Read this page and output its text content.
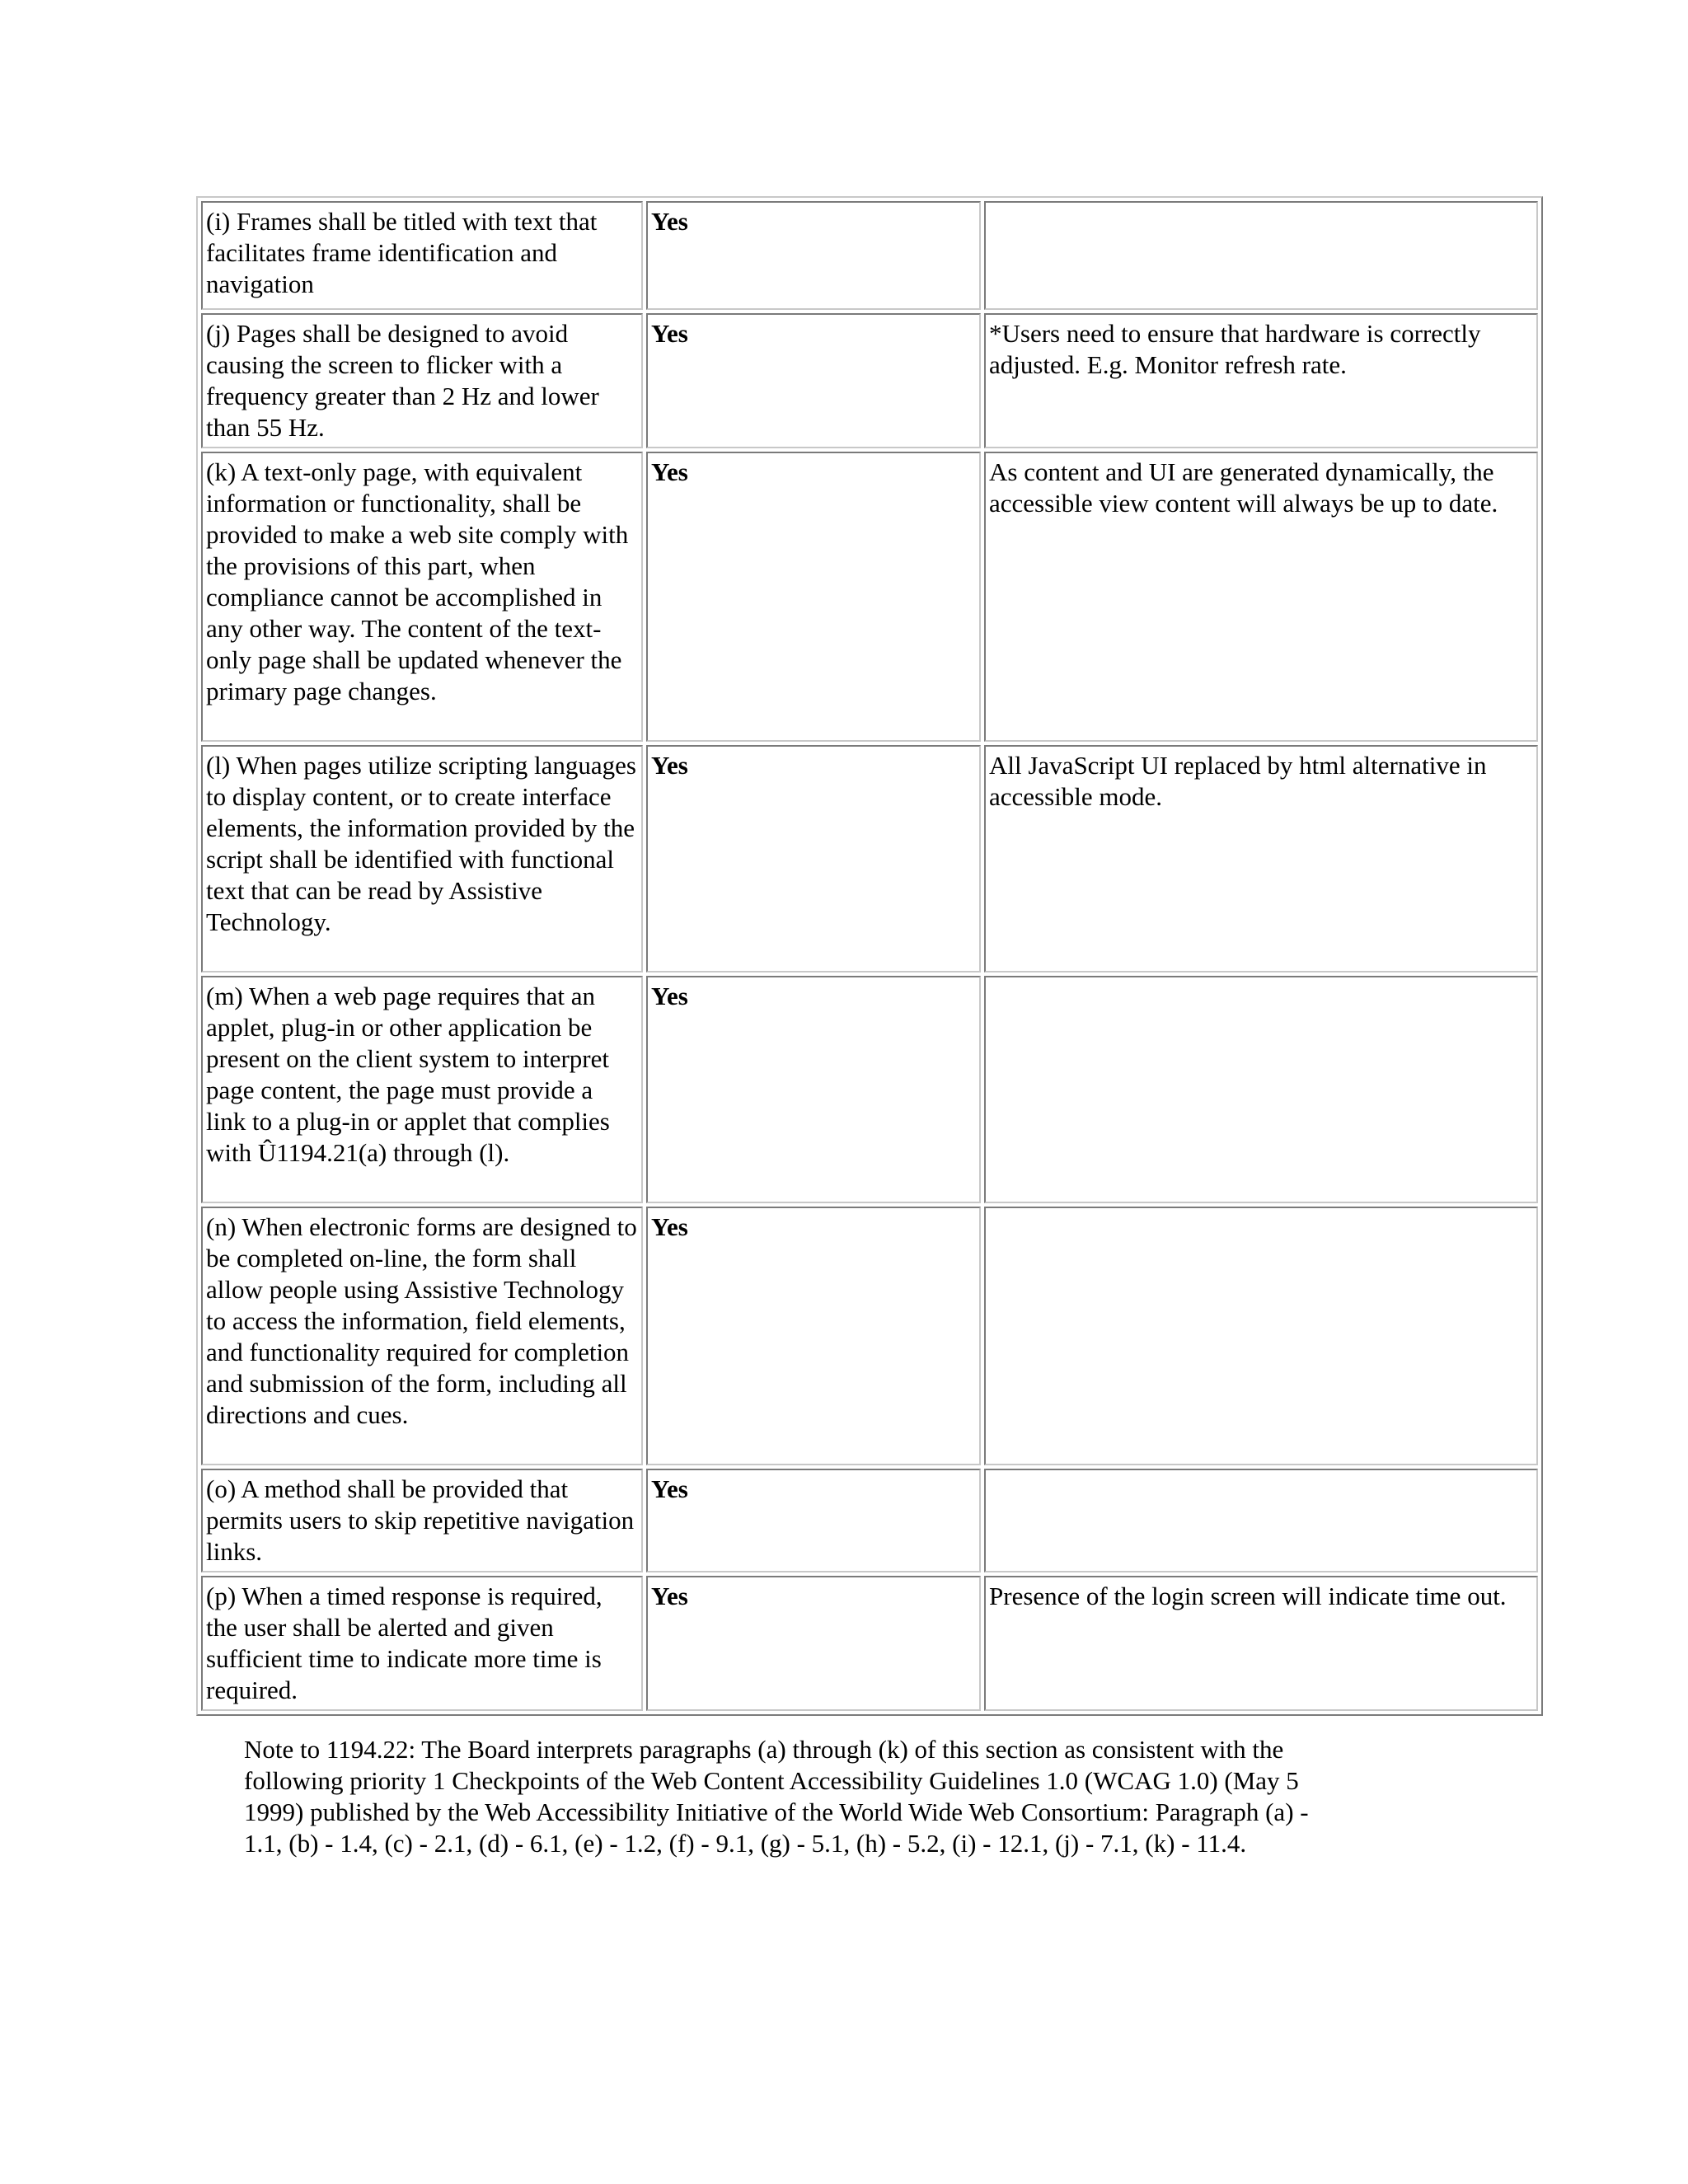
(i) Frames shall be titled with text that facilitates frame identification and navigation	Yes	
(j) Pages shall be designed to avoid causing the screen to flicker with a frequency greater than 2 Hz and lower than 55 Hz.	Yes	*Users need to ensure that hardware is correctly adjusted. E.g. Monitor refresh rate.
(k) A text-only page, with equivalent information or functionality, shall be provided to make a web site comply with the provisions of this part, when compliance cannot be accomplished in any other way. The content of the text-only page shall be updated whenever the primary page changes.	Yes	As content and UI are generated dynamically, the accessible view content will always be up to date.
(l) When pages utilize scripting languages to display content, or to create interface elements, the information provided by the script shall be identified with functional text that can be read by Assistive Technology.	Yes	All JavaScript UI replaced by html alternative in accessible mode.
(m) When a web page requires that an applet, plug-in or other application be present on the client system to interpret page content, the page must provide a link to a plug-in or applet that complies with Û1194.21(a) through (l).	Yes	
(n) When electronic forms are designed to be completed on-line, the form shall allow people using Assistive Technology to access the information, field elements, and functionality required for completion and submission of the form, including all directions and cues.	Yes	
(o) A method shall be provided that permits users to skip repetitive navigation links.	Yes	
(p) When a timed response is required, the user shall be alerted and given sufficient time to indicate more time is required.	Yes	Presence of the login screen will indicate time out.

Note to 1194.22: The Board interprets paragraphs (a) through (k) of this section as consistent with the following priority 1 Checkpoints of the Web Content Accessibility Guidelines 1.0 (WCAG 1.0) (May 5 1999) published by the Web Accessibility Initiative of the World Wide Web Consortium: Paragraph (a) - 1.1, (b) - 1.4, (c) - 2.1, (d) - 6.1, (e) - 1.2, (f) - 9.1, (g) - 5.1, (h) - 5.2, (i) - 12.1, (j) - 7.1, (k) - 11.4.
